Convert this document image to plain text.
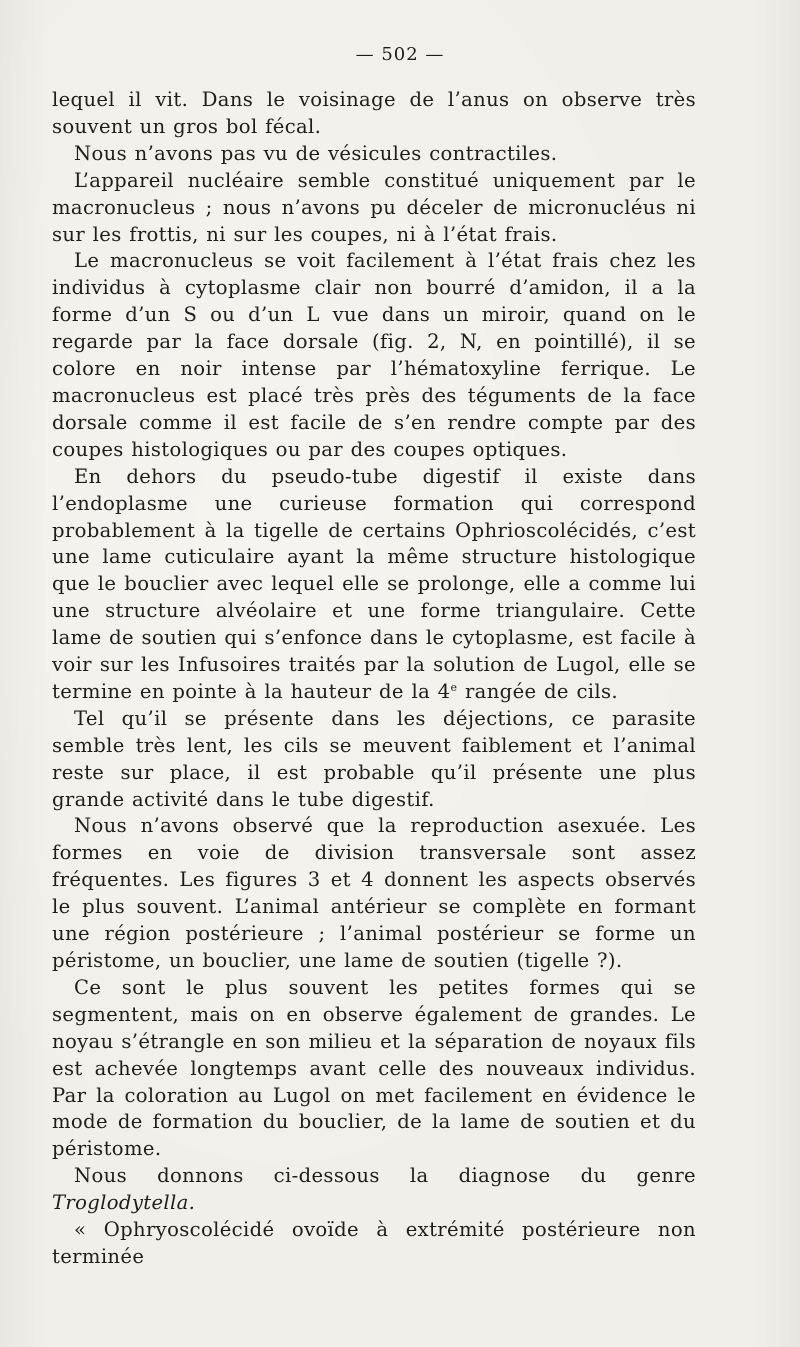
— 502 —

lequel il vit. Dans le voisinage de l’anus on observe très souvent un gros bol fécal.

Nous n’avons pas vu de vésicules contractiles.

L’appareil nucléaire semble constitué uniquement par le macronucleus ; nous n’avons pu déceler de micronucléus ni sur les frottis, ni sur les coupes, ni à l’état frais.

Le macronucleus se voit facilement à l’état frais chez les individus à cytoplasme clair non bourré d’amidon, il a la forme d’un S ou d’un L vue dans un miroir, quand on le regarde par la face dorsale (fig. 2, N, en pointillé), il se colore en noir intense par l’hématoxyline ferrique. Le macronucleus est placé très près des téguments de la face dorsale comme il est facile de s’en rendre compte par des coupes histologiques ou par des coupes optiques.

En dehors du pseudo-tube digestif il existe dans l’endoplasme une curieuse formation qui correspond probablement à la tigelle de certains Ophrioscolécidés, c’est une lame cuticulaire ayant la même structure histologique que le bouclier avec lequel elle se prolonge, elle a comme lui une structure alvéolaire et une forme triangulaire. Cette lame de soutien qui s’enfonce dans le cytoplasme, est facile à voir sur les Infusoires traités par la solution de Lugol, elle se termine en pointe à la hauteur de la 4e rangée de cils.

Tel qu’il se présente dans les déjections, ce parasite semble très lent, les cils se meuvent faiblement et l’animal reste sur place, il est probable qu’il présente une plus grande activité dans le tube digestif.

Nous n’avons observé que la reproduction asexuée. Les formes en voie de division transversale sont assez fréquentes. Les figures 3 et 4 donnent les aspects observés le plus souvent. L’animal antérieur se complète en formant une région postérieure ; l’animal postérieur se forme un péristome, un bouclier, une lame de soutien (tigelle ?).

Ce sont le plus souvent les petites formes qui se segmentent, mais on en observe également de grandes. Le noyau s’étrangle en son milieu et la séparation de noyaux fils est achevée longtemps avant celle des nouveaux individus. Par la coloration au Lugol on met facilement en évidence le mode de formation du bouclier, de la lame de soutien et du péristome.

Nous donnons ci-dessous la diagnose du genre Troglodytella.

« Ophryoscolécidé ovoïde à extrémité postérieure non terminée
